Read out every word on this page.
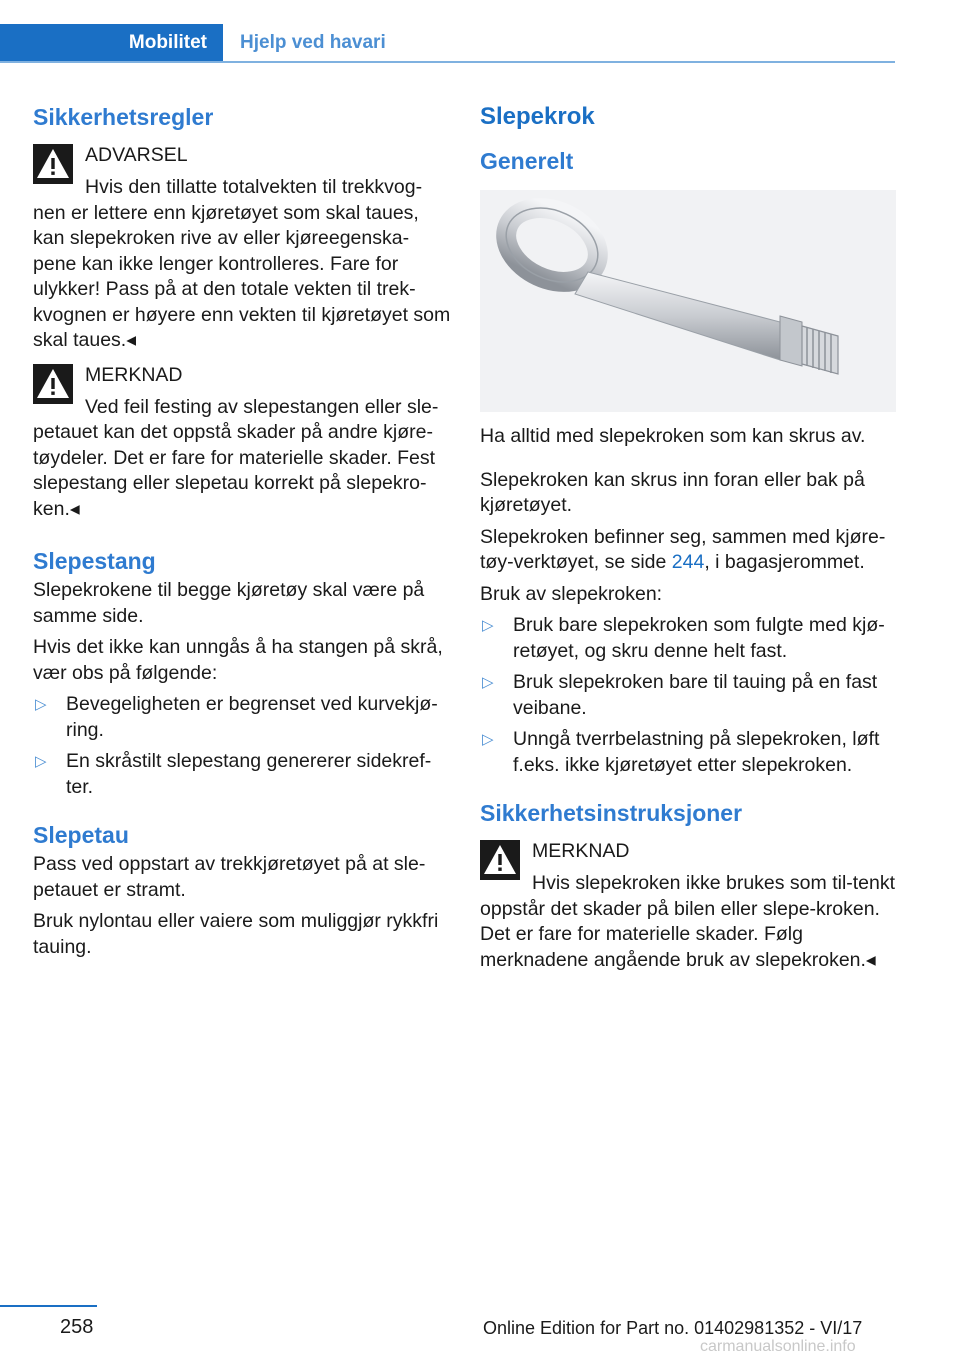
Mobilitet	Hjelp ved havari
Sikkerhetsregler
ADVARSEL

Hvis den tillatte totalvekten til trekkvog-nen er lettere enn kjøretøyet som skal taues, kan slepekroken rive av eller kjøreegenska-pene kan ikke lenger kontrolleres. Fare for ulykker! Pass på at den totale vekten til trek-kvognen er høyere enn vekten til kjøretøyet som skal taues.◂

MERKNAD

Ved feil festing av slepestangen eller sle-petauet kan det oppstå skader på andre kjøre-tøydeler. Det er fare for materielle skader. Fest slepestang eller slepetau korrekt på slepekro-ken.◂

Slepestang

Slepekrokene til begge kjøretøy skal være på samme side.

Hvis det ikke kan unngås å ha stangen på skrå, vær obs på følgende:

▷ Bevegeligheten er begrenset ved kurvekjø-ring.
▷ En skråstilt slepestang genererer sidekref-ter.
Slepetau

Pass ved oppstart av trekkjøretøyet på at sle-petauet er stramt.

Bruk nylontau eller vaiere som muliggjør rykkfri tauing.

Slepekrok
Generelt

Ha alltid med slepekroken som kan skrus av.

Slepekroken kan skrus inn foran eller bak på kjøretøyet.

Slepekroken befinner seg, sammen med kjøre-tøy-verktøyet, se side 244, i bagasjerommet.

Bruk av slepekroken:

▷ Bruk bare slepekroken som fulgte med kjø-retøyet, og skru denne helt fast.
▷ Bruk slepekroken bare til tauing på en fast veibane.
▷ Unngå tverrbelastning på slepekroken, løft f.eks. ikke kjøretøyet etter slepekroken.
Sikkerhetsinstruksjoner
MERKNAD

Hvis slepekroken ikke brukes som til-tenkt oppstår det skader på bilen eller slepe-kroken. Det er fare for materielle skader. Følg merknadene angående bruk av slepekroken.◂

258	Online Edition for Part no. 01402981352 - VI/17
carmanualsonline.info
